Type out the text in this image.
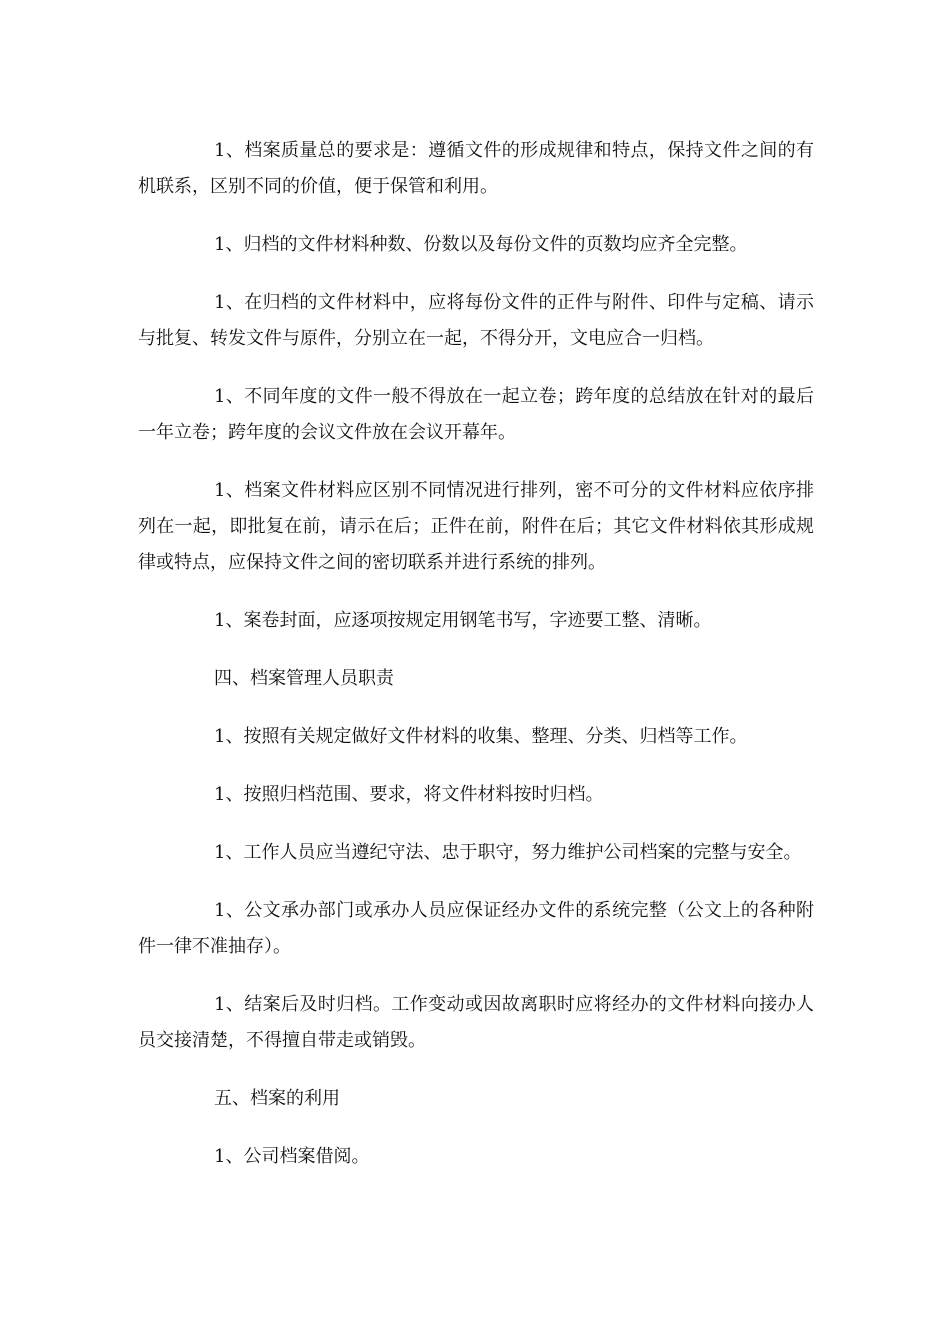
1、档案质量总的要求是：遵循文件的形成规律和特点，保持文件之间的有机联系，区别不同的价值，便于保管和利用。

1、归档的文件材料种数、份数以及每份文件的页数均应齐全完整。

1、在归档的文件材料中，应将每份文件的正件与附件、印件与定稿、请示与批复、转发文件与原件，分别立在一起，不得分开，文电应合一归档。

1、不同年度的文件一般不得放在一起立卷；跨年度的总结放在针对的最后一年立卷；跨年度的会议文件放在会议开幕年。

1、档案文件材料应区别不同情况进行排列，密不可分的文件材料应依序排列在一起，即批复在前，请示在后；正件在前，附件在后；其它文件材料依其形成规律或特点，应保持文件之间的密切联系并进行系统的排列。

1、案卷封面，应逐项按规定用钢笔书写，字迹要工整、清晰。

四、档案管理人员职责

1、按照有关规定做好文件材料的收集、整理、分类、归档等工作。

1、按照归档范围、要求，将文件材料按时归档。

1、工作人员应当遵纪守法、忠于职守，努力维护公司档案的完整与安全。

1、公文承办部门或承办人员应保证经办文件的系统完整（公文上的各种附件一律不准抽存）。

1、结案后及时归档。工作变动或因故离职时应将经办的文件材料向接办人员交接清楚，不得擅自带走或销毁。

五、档案的利用

1、公司档案借阅。
